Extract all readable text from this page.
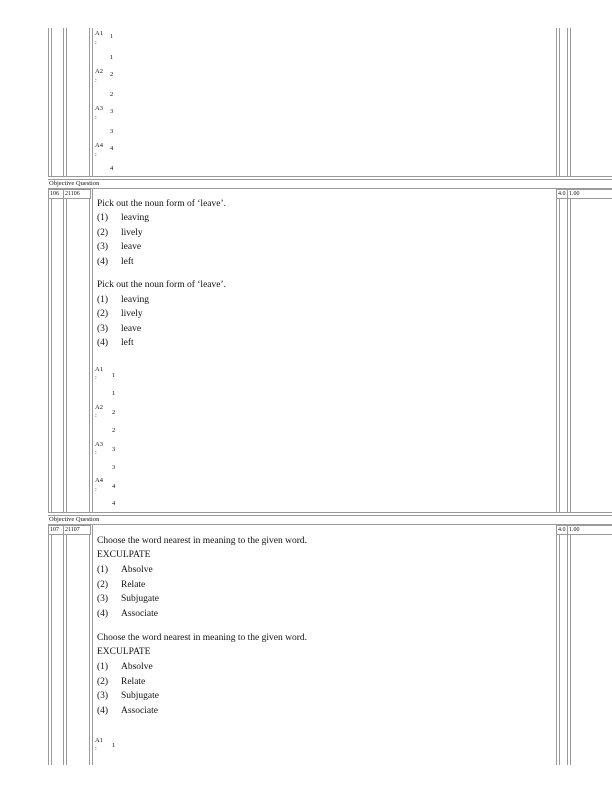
A1 1
:
1
A2 2
:
2
A3 3
:
3
A4 4
:
4
Objective Question
106	21106	4.0 1.00
Pick out the noun form of ‘leave’.
(1) leaving
(2) lively
(3) leave
(4) left
Pick out the noun form of ‘leave’.
(1) leaving
(2) lively
(3) leave
(4) left
A1
1
:
1
A2
2
:
2
A3
3
:
3
A4
4
:
4
Objective Question
107	21107	4.0 1.00
Choose the word nearest in meaning to the given word.
EXCULPATE
(1) Absolve
(2) Relate
(3) Subjugate
(4) Associate
Choose the word nearest in meaning to the given word.
EXCULPATE
(1) Absolve
(2) Relate
(3) Subjugate
(4) Associate
A1
1
:
